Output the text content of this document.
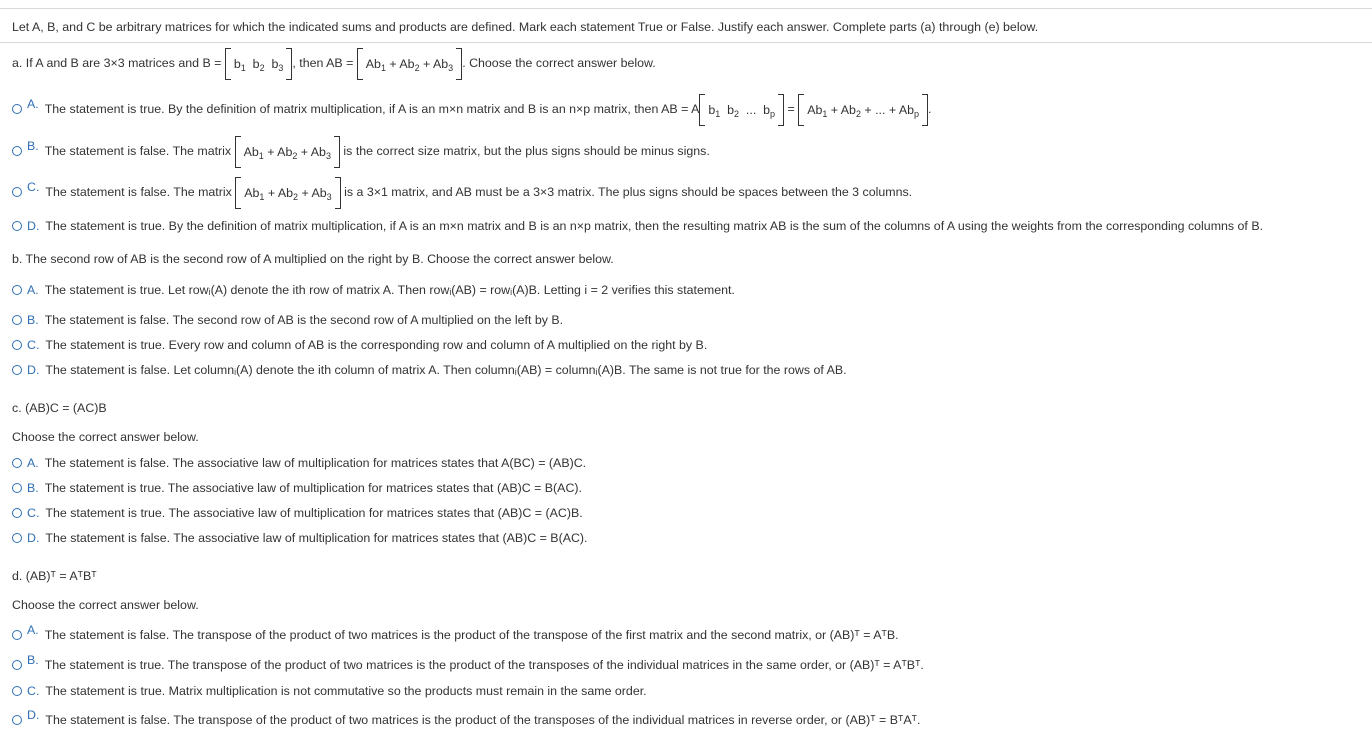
Let A, B, and C be arbitrary matrices for which the indicated sums and products are defined. Mark each statement True or False. Justify each answer. Complete parts (a) through (e) below.
a. If A and B are 3×3 matrices and $B = b_1$  $b_2$  $b_3$ , then AB = $Ab_1 + Ab_2 + Ab_3$ . Choose the correct answer below.
A. The statement is true. By the definition of matrix multiplication, if A is an m×n matrix and B is an n×p matrix, then AB = A $b_1$  $b_2$  ...  $b_p = Ab_1 + Ab_2$ + ... + $Ab_p$ .
B. The statement is false. The matrix $Ab_1 + Ab_2 + Ab_3$ is the correct size matrix, but the plus signs should be minus signs.
C. The statement is false. The matrix $Ab_1 + Ab_2 + Ab_3$ is a 3×1 matrix, and AB must be a 3×3 matrix. The plus signs should be spaces between the 3 columns.
D. The statement is true. By the definition of matrix multiplication, if A is an m×n matrix and B is an n×p matrix, then the resulting matrix AB is the sum of the columns of A using the weights from the corresponding columns of B.
b. The second row of AB is the second row of A multiplied on the right by B. Choose the correct answer below.
A. The statement is true. Let rowᵢ(A) denote the ith row of matrix A. Then rowᵢ(AB) = rowᵢ(A)B. Letting i = 2 verifies this statement.
B. The statement is false. The second row of AB is the second row of A multiplied on the left by B.
C. The statement is true. Every row and column of AB is the corresponding row and column of A multiplied on the right by B.
D. The statement is false. Let columnᵢ(A) denote the ith column of matrix A. Then columnᵢ(AB) = columnᵢ(A)B. The same is not true for the rows of AB.
c. (AB)C = (AC)B
Choose the correct answer below.
A. The statement is false. The associative law of multiplication for matrices states that A(BC) = (AB)C.
B. The statement is true. The associative law of multiplication for matrices states that (AB)C = B(AC).
C. The statement is true. The associative law of multiplication for matrices states that (AB)C = (AC)B.
D. The statement is false. The associative law of multiplication for matrices states that (AB)C = B(AC).
d. (AB)ᵀ = AᵀBᵀ
Choose the correct answer below.
A. The statement is false. The transpose of the product of two matrices is the product of the transpose of the first matrix and the second matrix, or (AB)ᵀ = AᵀB.
B. The statement is true. The transpose of the product of two matrices is the product of the transposes of the individual matrices in the same order, or (AB)ᵀ = AᵀBᵀ.
C. The statement is true. Matrix multiplication is not commutative so the products must remain in the same order.
D. The statement is false. The transpose of the product of two matrices is the product of the transposes of the individual matrices in reverse order, or (AB)ᵀ = BᵀAᵀ.
